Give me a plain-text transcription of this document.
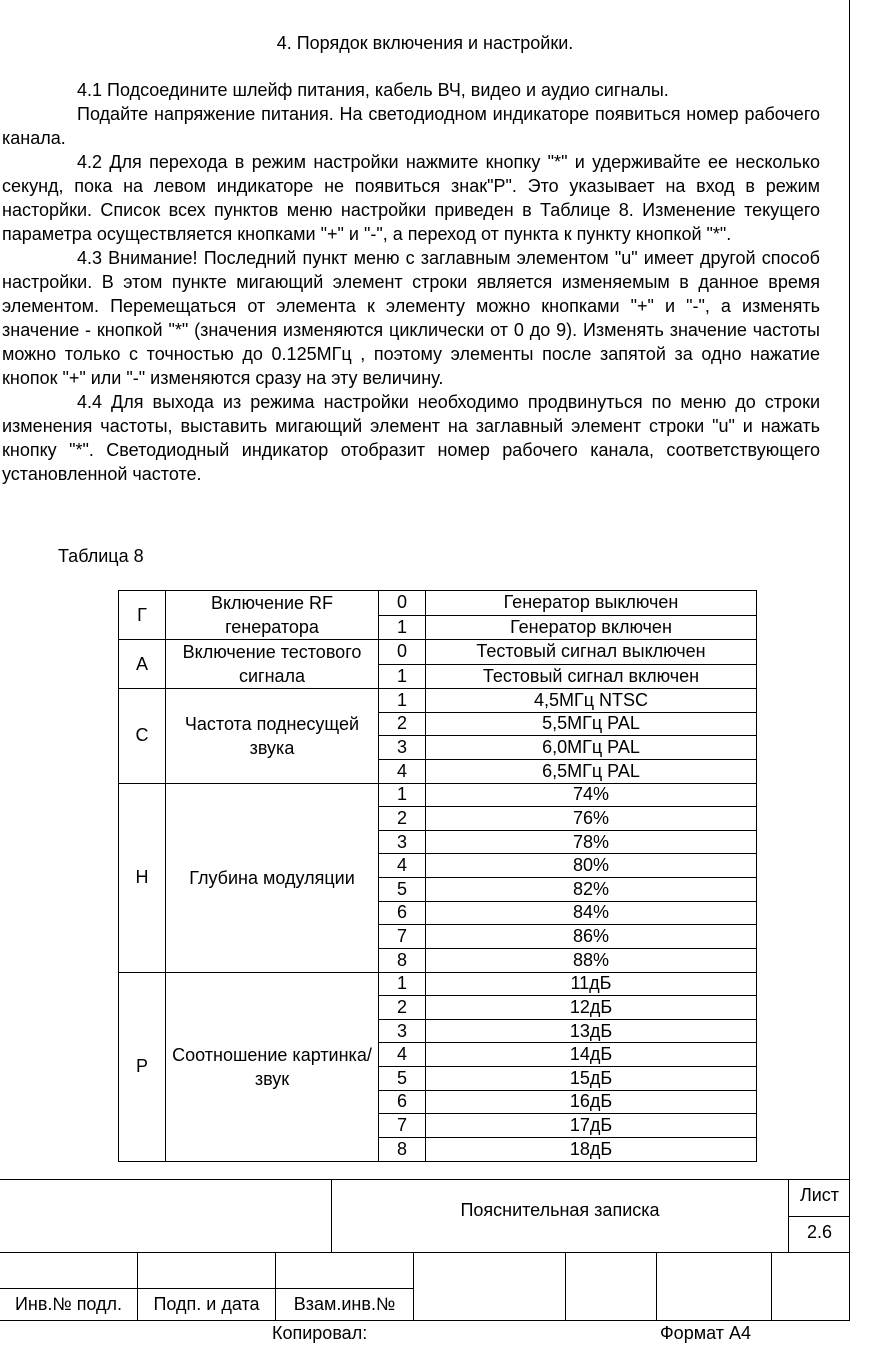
4. Порядок включения и настройки.

4.1 Подсоедините шлейф питания, кабель ВЧ, видео и аудио сигналы.

Подайте напряжение питания. На светодиодном индикаторе появиться номер рабочего канала.

4.2 Для перехода в режим настройки нажмите кнопку "*" и удерживайте ее несколько секунд, пока на левом индикаторе не появиться знак"P". Это указывает на вход в режим насторйки. Список всех пунктов меню настройки приведен в Таблице 8. Изменение текущего параметра осуществляется кнопками "+" и "-", а переход от пункта к пункту кнопкой "*".

4.3 Внимание! Последний пункт меню с заглавным элементом "u" имеет другой способ настройки. В этом пункте мигающий элемент строки является изменяемым в данное время элементом. Перемещаться от элемента к элементу можно кнопками "+" и "-", а изменять значение - кнопкой "*" (значения изменяются циклически от 0 до 9). Изменять значение частоты можно только с точностью до 0.125МГц , поэтому элементы после запятой за одно нажатие кнопок "+" или "-" изменяются сразу на эту величину.

4.4 Для выхода из режима настройки необходимо продвинуться по меню до строки изменения частоты, выставить мигающий элемент на заглавный элемент строки "u" и нажать кнопку "*". Светодиодный индикатор отобразит номер рабочего канала, соответствующего установленной частоте.

Таблица 8
Г	Включение RF генератора	0	Генератор выключен
		1	Генератор включен
A	Включение тестового сигнала	0	Тестовый сигнал выключен
		1	Тестовый сигнал включен
C	Частота поднесущей звука	1	4,5МГц NTSC
		2	5,5МГц PAL
		3	6,0МГц PAL
		4	6,5МГц PAL
H	Глубина модуляции	1	74%
		2	76%
		3	78%
		4	80%
		5	82%
		6	84%
		7	86%
		8	88%
P	Соотношение картинка/звук	1	11дБ
		2	12дБ
		3	13дБ
		4	14дБ
		5	15дБ
		6	16дБ
		7	17дБ
		8	18дБ
Пояснительная записка
Лист
2.6
Инв.№ подл.	Подп. и дата	Взам.инв.№
Копировал:	Формат А4
